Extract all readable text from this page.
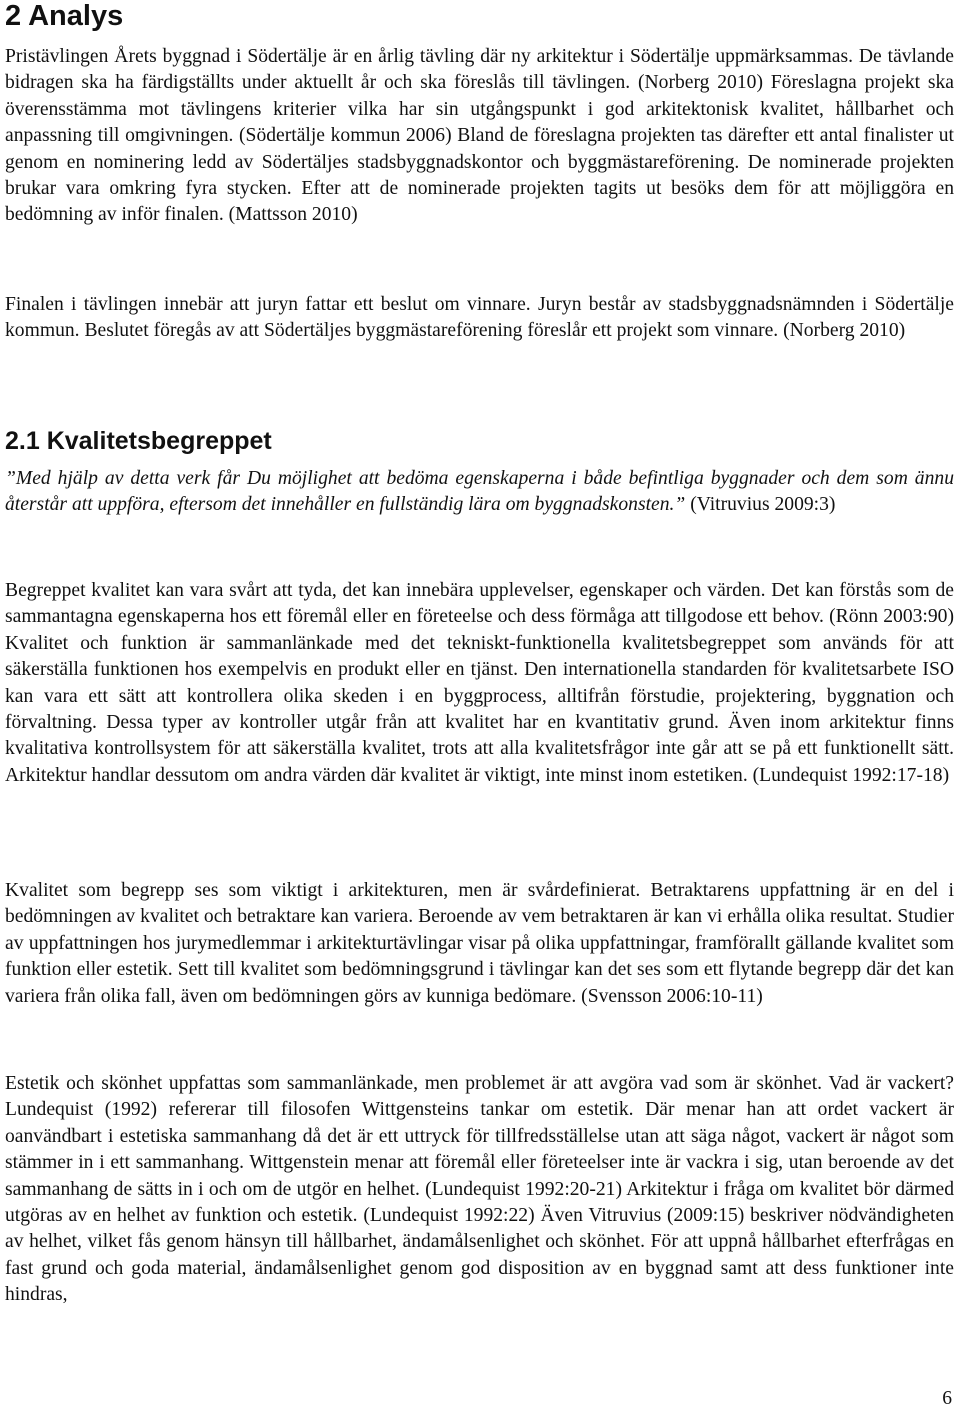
2 Analys

Pristävlingen Årets byggnad i Södertälje är en årlig tävling där ny arkitektur i Södertälje uppmärksammas. De tävlande bidragen ska ha färdigställts under aktuellt år och ska föreslås till tävlingen. (Norberg 2010) Föreslagna projekt ska överensstämma mot tävlingens kriterier vilka har sin utgångspunkt i god arkitektonisk kvalitet, hållbarhet och anpassning till omgivningen. (Södertälje kommun 2006) Bland de föreslagna projekten tas därefter ett antal finalister ut genom en nominering ledd av Södertäljes stadsbyggnadskontor och byggmästareförening. De nominerade projekten brukar vara omkring fyra stycken. Efter att de nominerade projekten tagits ut besöks dem för att möjliggöra en bedömning av inför finalen. (Mattsson 2010)

Finalen i tävlingen innebär att juryn fattar ett beslut om vinnare. Juryn består av stadsbyggnadsnämnden i Södertälje kommun. Beslutet föregås av att Södertäljes byggmästareförening föreslår ett projekt som vinnare. (Norberg 2010)

2.1 Kvalitetsbegreppet

”Med hjälp av detta verk får Du möjlighet att bedöma egenskaperna i både befintliga byggnader och dem som ännu återstår att uppföra, eftersom det innehåller en fullständig lära om byggnadskonsten.” (Vitruvius 2009:3)

Begreppet kvalitet kan vara svårt att tyda, det kan innebära upplevelser, egenskaper och värden. Det kan förstås som de sammantagna egenskaperna hos ett föremål eller en företeelse och dess förmåga att tillgodose ett behov. (Rönn 2003:90) Kvalitet och funktion är sammanlänkade med det tekniskt-funktionella kvalitetsbegreppet som används för att säkerställa funktionen hos exempelvis en produkt eller en tjänst. Den internationella standarden för kvalitetsarbete ISO kan vara ett sätt att kontrollera olika skeden i en byggprocess, alltifrån förstudie, projektering, byggnation och förvaltning. Dessa typer av kontroller utgår från att kvalitet har en kvantitativ grund. Även inom arkitektur finns kvalitativa kontrollsystem för att säkerställa kvalitet, trots att alla kvalitetsfrågor inte går att se på ett funktionellt sätt. Arkitektur handlar dessutom om andra värden där kvalitet är viktigt, inte minst inom estetiken. (Lundequist 1992:17-18)

Kvalitet som begrepp ses som viktigt i arkitekturen, men är svårdefinierat. Betraktarens uppfattning är en del i bedömningen av kvalitet och betraktare kan variera. Beroende av vem betraktaren är kan vi erhålla olika resultat. Studier av uppfattningen hos jurymedlemmar i arkitekturtävlingar visar på olika uppfattningar, framförallt gällande kvalitet som funktion eller estetik. Sett till kvalitet som bedömningsgrund i tävlingar kan det ses som ett flytande begrepp där det kan variera från olika fall, även om bedömningen görs av kunniga bedömare. (Svensson 2006:10-11)

Estetik och skönhet uppfattas som sammanlänkade, men problemet är att avgöra vad som är skönhet. Vad är vackert? Lundequist (1992) refererar till filosofen Wittgensteins tankar om estetik. Där menar han att ordet vackert är oanvändbart i estetiska sammanhang då det är ett uttryck för tillfredsställelse utan att säga något, vackert är något som stämmer in i ett sammanhang. Wittgenstein menar att föremål eller företeelser inte är vackra i sig, utan beroende av det sammanhang de sätts in i och om de utgör en helhet. (Lundequist 1992:20-21) Arkitektur i fråga om kvalitet bör därmed utgöras av en helhet av funktion och estetik. (Lundequist 1992:22) Även Vitruvius (2009:15) beskriver nödvändigheten av helhet, vilket fås genom hänsyn till hållbarhet, ändamålsenlighet och skönhet. För att uppnå hållbarhet efterfrågas en fast grund och goda material, ändamålsenlighet genom god disposition av en byggnad samt att dess funktioner inte hindras,

6
